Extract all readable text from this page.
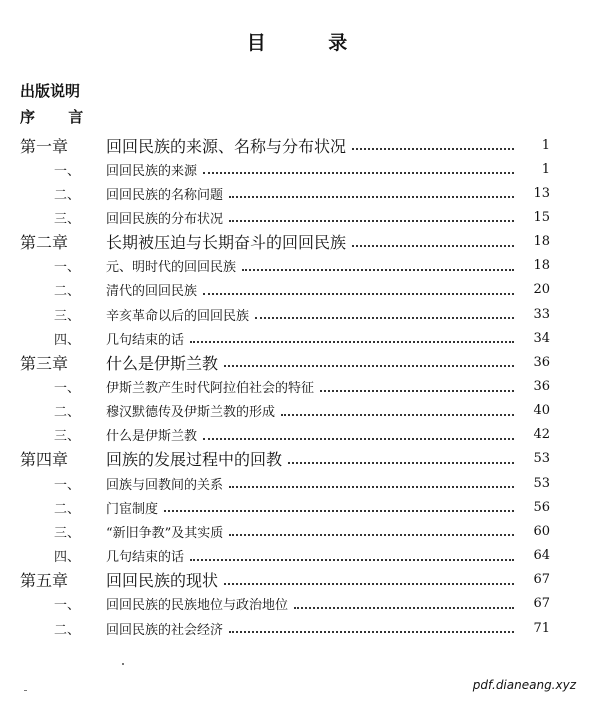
目 录
出版说明
序 言
第一章	回回民族的来源、名称与分布状况	1
一、	回回民族的来源	1
二、	回回民族的名称问题	13
三、	回回民族的分布状况	15
第二章	长期被压迫与长期奋斗的回回民族	18
一、	元、明时代的回回民族	18
二、	清代的回回民族	20
三、	辛亥革命以后的回回民族	33
四、	几句结束的话	34
第三章	什么是伊斯兰教	36
一、	伊斯兰教产生时代阿拉伯社会的特征	36
二、	穆汉默德传及伊斯兰教的形成	40
三、	什么是伊斯兰教	42
第四章	回族的发展过程中的回教	53
一、	回族与回教间的关系	53
二、	门宦制度	56
三、	“新旧争教”及其实质	60
四、	几句结束的话	64
第五章	回回民族的现状	67
一、	回回民族的民族地位与政治地位	67
二、	回回民族的社会经济	71
pdf.dianeang.xyz
